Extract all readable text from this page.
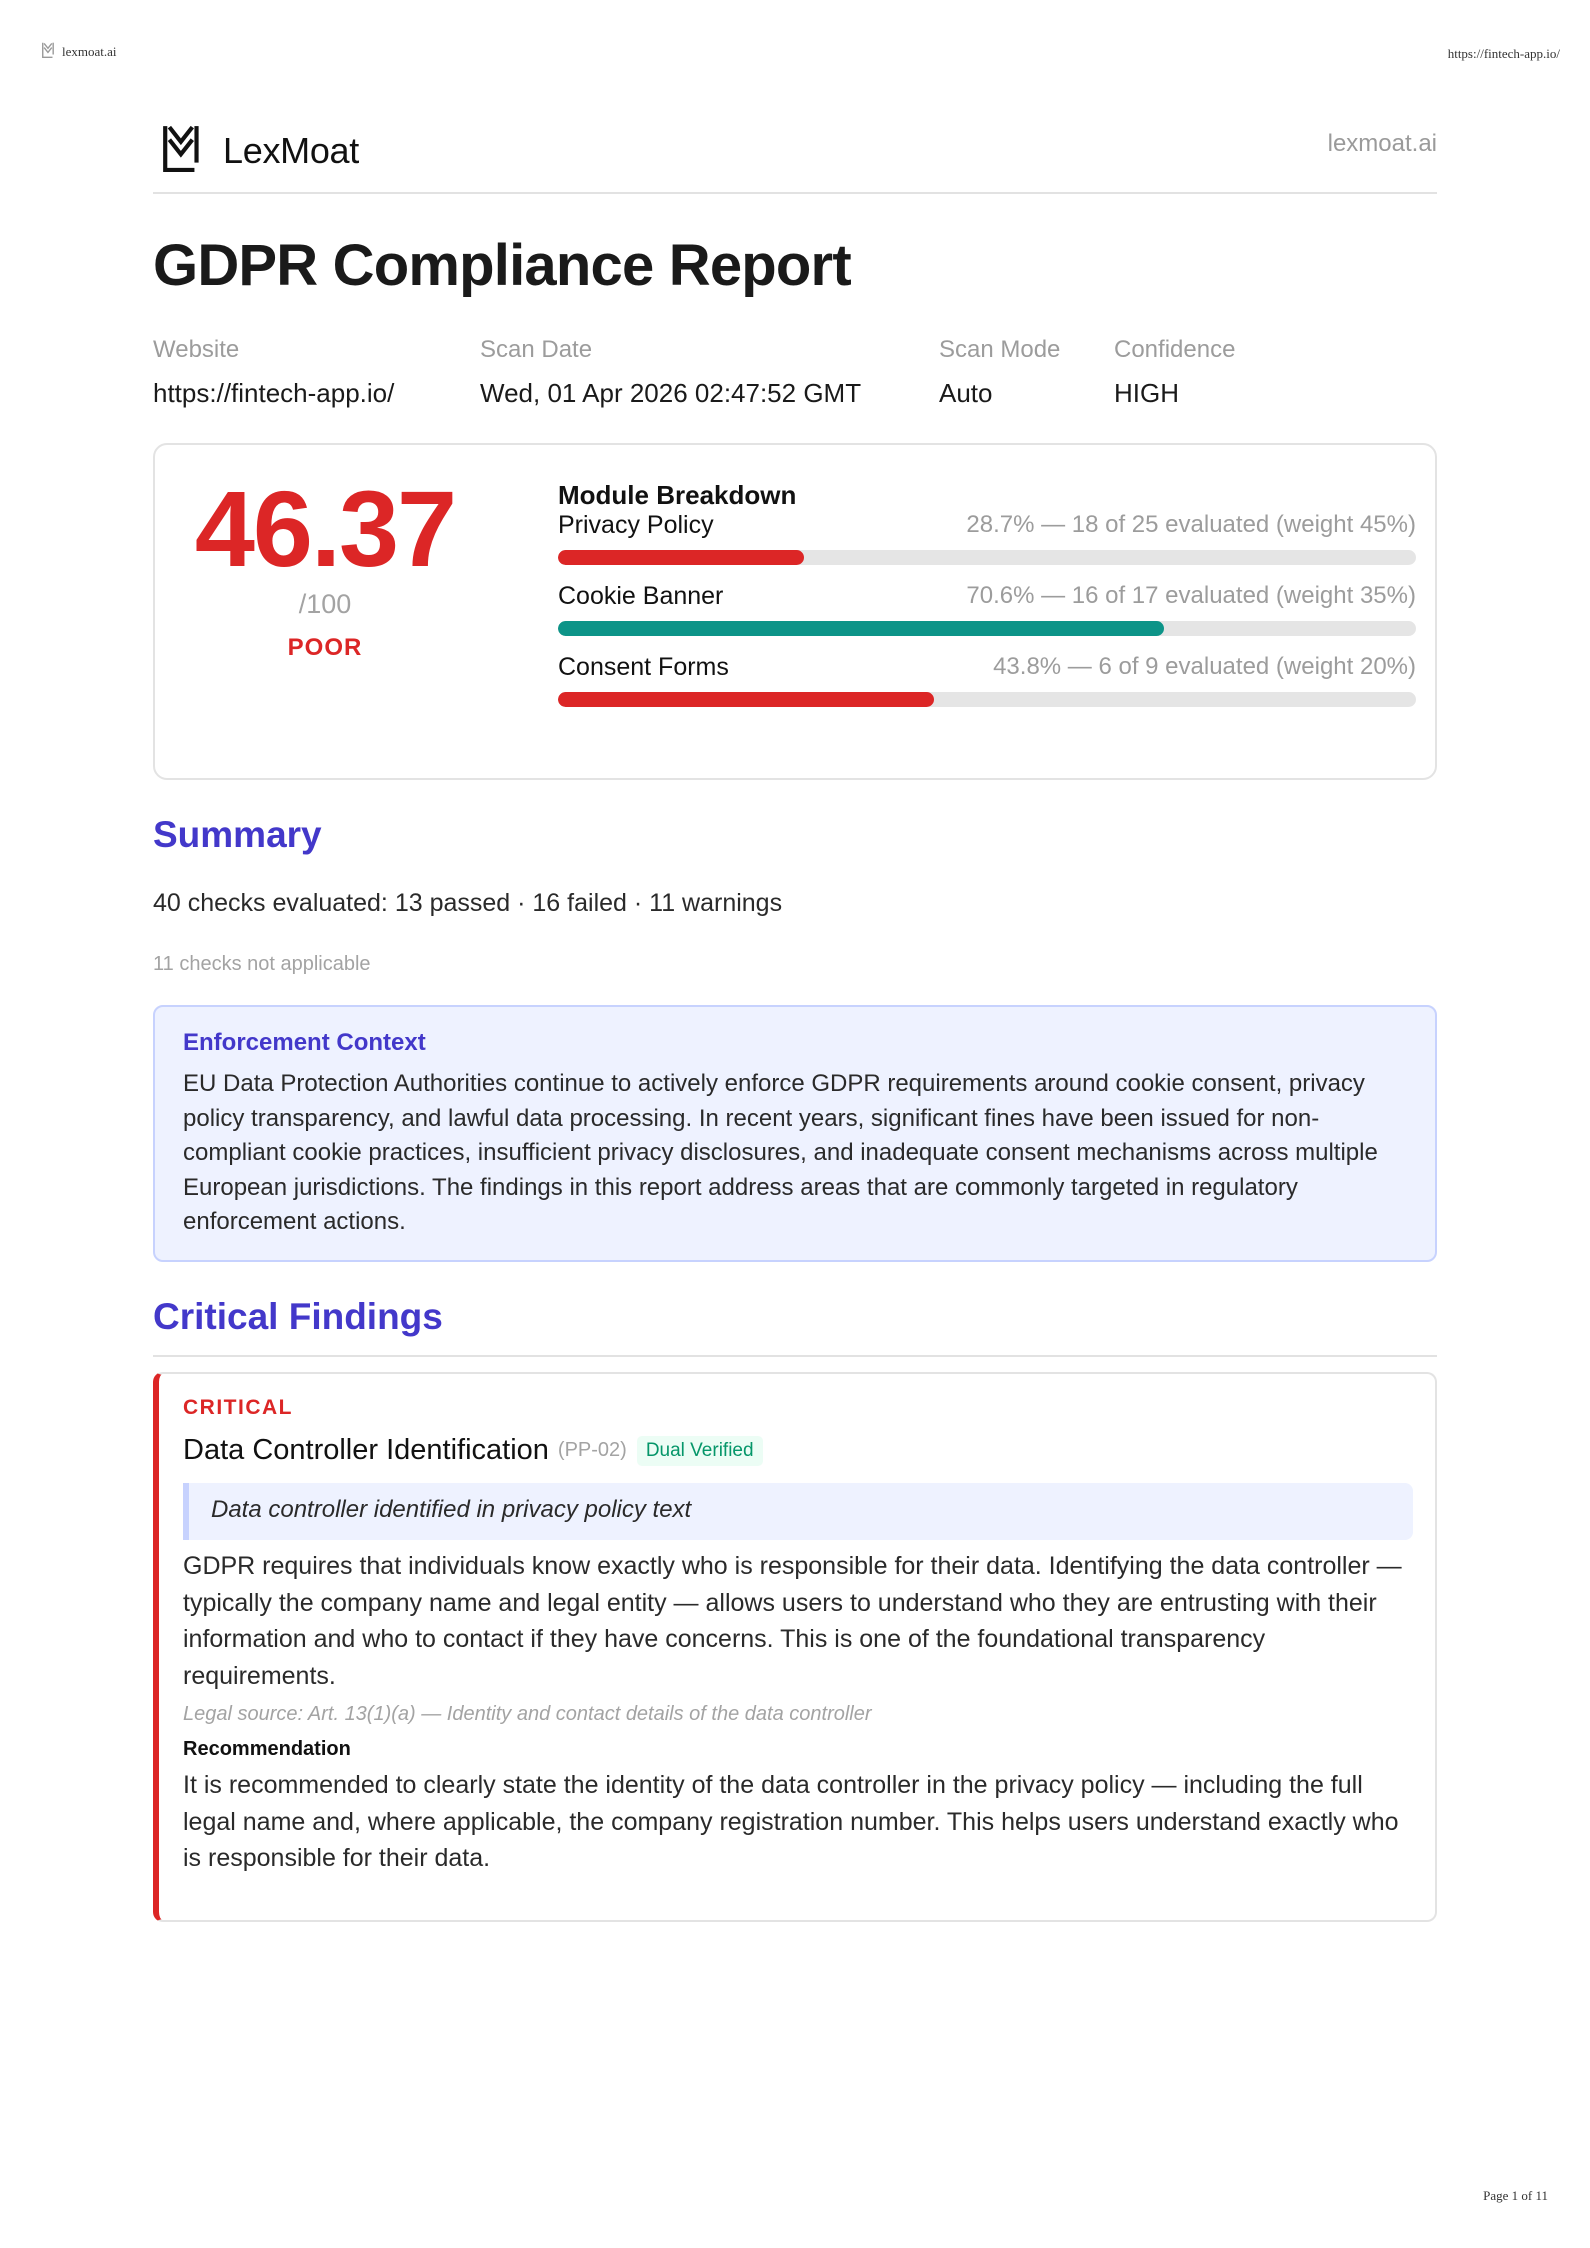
lexmoat.ai	https://fintech-app.io/
LexMoat	lexmoat.ai
GDPR Compliance Report
Website
https://fintech-app.io/
Scan Date
Wed, 01 Apr 2026 02:47:52 GMT
Scan Mode
Auto
Confidence
HIGH
46.37
/100
POOR
Module Breakdown
Privacy Policy	28.7% — 18 of 25 evaluated (weight 45%)
Cookie Banner	70.6% — 16 of 17 evaluated (weight 35%)
Consent Forms	43.8% — 6 of 9 evaluated (weight 20%)
Summary
40 checks evaluated: 13 passed · 16 failed · 11 warnings
11 checks not applicable
Enforcement Context
EU Data Protection Authorities continue to actively enforce GDPR requirements around cookie consent, privacy policy transparency, and lawful data processing. In recent years, significant fines have been issued for non-compliant cookie practices, insufficient privacy disclosures, and inadequate consent mechanisms across multiple European jurisdictions. The findings in this report address areas that are commonly targeted in regulatory enforcement actions.
Critical Findings
CRITICAL
Data Controller Identification (PP-02)	Dual Verified
Data controller identified in privacy policy text
GDPR requires that individuals know exactly who is responsible for their data. Identifying the data controller — typically the company name and legal entity — allows users to understand who they are entrusting with their information and who to contact if they have concerns. This is one of the foundational transparency requirements.
Legal source: Art. 13(1)(a) — Identity and contact details of the data controller
Recommendation
It is recommended to clearly state the identity of the data controller in the privacy policy — including the full legal name and, where applicable, the company registration number. This helps users understand exactly who is responsible for their data.
Page 1 of 11
